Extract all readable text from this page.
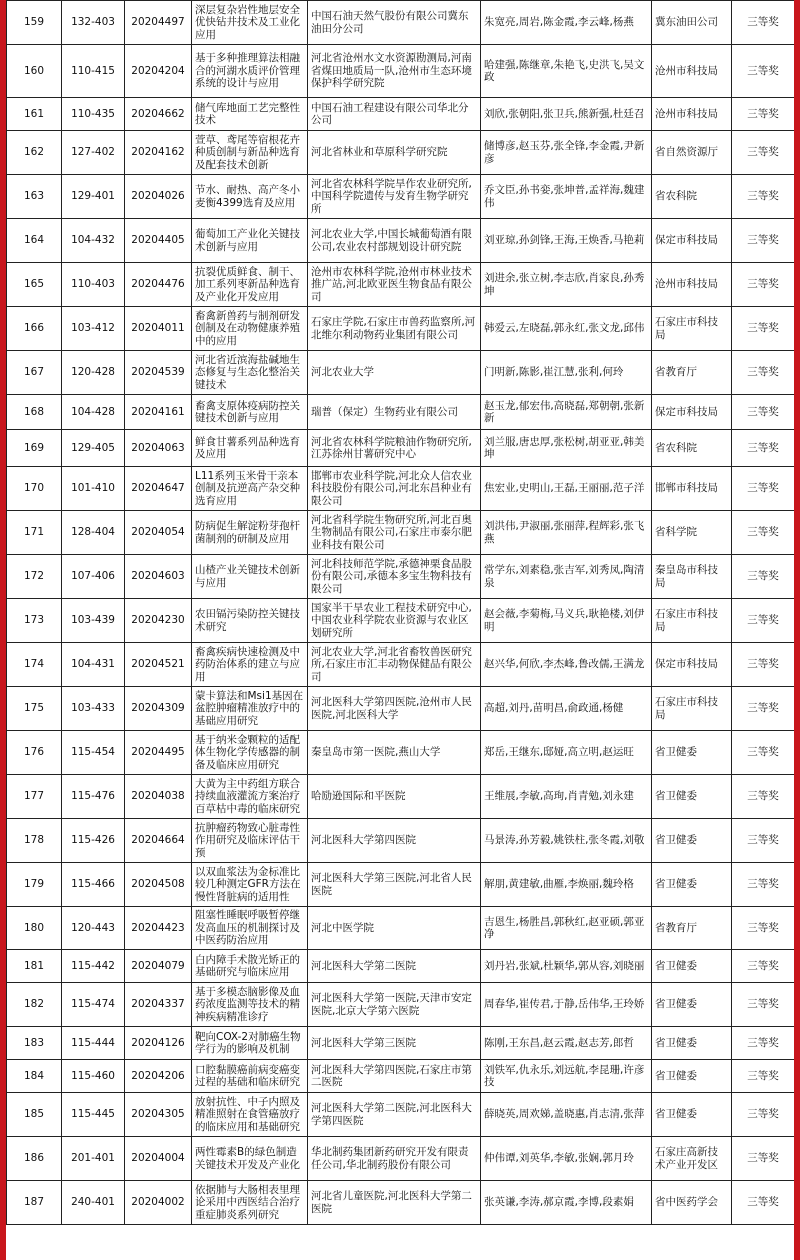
159	132-403	20204497	深层复杂岩性地层安全优快钻井技术及工业化应用	中国石油天然气股份有限公司冀东油田分公司	朱宽亮,周岩,陈金霞,李云峰,杨燕	冀东油田公司	三等奖
160	110-415	20204204	基于多种推理算法相融合的河湖水质评价管理系统的设计与应用	河北省沧州水文水资源勘测局,河南省煤田地质局一队,沧州市生态环境保护科学研究院	哈建强,陈继章,朱艳飞,史洪飞,吴文政	沧州市科技局	三等奖
161	110-435	20204662	储气库地面工艺完整性技术	中国石油工程建设有限公司华北分公司	刘欣,张朝阳,张卫兵,熊新强,杜廷召	沧州市科技局	三等奖
162	127-402	20204162	萱草、鸢尾等宿根花卉种质创制与新品种选育及配套技术创新	河北省林业和草原科学研究院	储博彦,赵玉芬,张全锋,李金霞,尹新彦	省自然资源厅	三等奖
163	129-401	20204026	节水、耐热、高产冬小麦衡4399选育及应用	河北省农林科学院旱作农业研究所,中国科学院遗传与发育生物学研究所	乔文臣,孙书娈,张坤普,孟祥海,魏建伟	省农科院	三等奖
164	104-432	20204405	葡萄加工产业化关键技术创新与应用	河北农业大学,中国长城葡萄酒有限公司,农业农村部规划设计研究院	刘亚琼,孙剑锋,王海,王焕香,马艳莉	保定市科技局	三等奖
165	110-403	20204476	抗裂优质鲜食、制干、加工系列枣新品种选育及产业化开发应用	沧州市农林科学院,沧州市林业技术推广站,河北欧亚医生物食品有限公司	刘进余,张立树,李志欣,肖家良,孙秀坤	沧州市科技局	三等奖
166	103-412	20204011	畜禽新兽药与制剂研发创制及在动物健康养殖中的应用	石家庄学院,石家庄市兽药监察所,河北维尔利动物药业集团有限公司	韩爱云,左晓磊,郭永红,张文龙,邱伟	石家庄市科技局	三等奖
167	120-428	20204539	河北省近滨海盐碱地生态修复与生态化整治关键技术	河北农业大学	门明新,陈影,崔江慧,张利,何玲	省教育厅	三等奖
168	104-428	20204161	畜禽支原体疫病防控关键技术创新与应用	瑞普（保定）生物药业有限公司	赵玉龙,郁宏伟,高晓磊,郑朝朝,张新新	保定市科技局	三等奖
169	129-405	20204063	鲜食甘薯系列品种选育及应用	河北省农林科学院粮油作物研究所,江苏徐州甘薯研究中心	刘兰服,唐忠厚,张松树,胡亚亚,韩美坤	省农科院	三等奖
170	101-410	20204647	L11系列玉米骨干亲本创制及抗逆高产杂交种选育应用	邯郸市农业科学院,河北众人信农业科技股份有限公司,河北东昌种业有限公司	焦宏业,史明山,王磊,王丽丽,范子洋	邯郸市科技局	三等奖
171	128-404	20204054	防病促生解淀粉芽孢杆菌制剂的研制及应用	河北省科学院生物研究所,河北百奥生物制品有限公司,石家庄市泰尔肥业科技有限公司	刘洪伟,尹淑丽,张丽萍,程辉彩,张飞燕	省科学院	三等奖
172	107-406	20204603	山楂产业关键技术创新与应用	河北科技师范学院,承德神栗食品股份有限公司,承德本多宝生物科技有限公司	常学东,刘素稳,张吉军,刘秀凤,陶清泉	秦皇岛市科技局	三等奖
173	103-439	20204230	农田镉污染防控关键技术研究	国家半干旱农业工程技术研究中心,中国农业科学院农业资源与农业区划研究所	赵会薇,李菊梅,马义兵,耿艳楼,刘伊明	石家庄市科技局	三等奖
174	104-431	20204521	畜禽疾病快速检测及中药防治体系的建立与应用	河北农业大学,河北省畜牧兽医研究所,石家庄市汇丰动物保健品有限公司	赵兴华,何欣,李杰峰,鲁改儒,王满龙	保定市科技局	三等奖
175	103-433	20204309	蒙卡算法和Msi1基因在盆腔肿瘤精准放疗中的基础应用研究	河北医科大学第四医院,沧州市人民医院,河北医科大学	高超,刘丹,苗明昌,俞政通,杨健	石家庄市科技局	三等奖
176	115-454	20204495	基于纳米金颗粒的适配体生物化学传感器的制备及临床应用研究	秦皇岛市第一医院,燕山大学	郑岳,王继东,邸娅,高立明,赵运旺	省卫健委	三等奖
177	115-476	20204038	大黄为主中药组方联合持续血液灌流方案治疗百草枯中毒的临床研究	哈励逊国际和平医院	王维展,李敏,高珣,肖青勉,刘永建	省卫健委	三等奖
178	115-426	20204664	抗肿瘤药物致心脏毒性作用研究及临床评估干预	河北医科大学第四医院	马景涛,孙芳毅,姚铁柱,张冬霞,刘敬	省卫健委	三等奖
179	115-466	20204508	以双血浆法为金标准比较几种测定GFR方法在慢性肾脏病的适用性	河北医科大学第三医院,河北省人民医院	解朋,黄建敏,曲雁,李焕丽,魏玲格	省卫健委	三等奖
180	120-443	20204423	阻塞性睡眠呼吸暂停继发高血压的机制探讨及中医药防治应用	河北中医学院	吉恩生,杨胜昌,郭秋红,赵亚硕,郭亚净	省教育厅	三等奖
181	115-442	20204079	白内障手术散光矫正的基础研究与临床应用	河北医科大学第二医院	刘丹岩,张斌,杜颖华,郭从容,刘晓丽	省卫健委	三等奖
182	115-474	20204337	基于多模态脑影像及血药浓度监测等技术的精神疾病精准诊疗	河北医科大学第一医院,天津市安定医院,北京大学第六医院	周春华,崔传君,于静,岳伟华,王玲娇	省卫健委	三等奖
183	115-444	20204126	靶向COX-2对肺癌生物学行为的影响及机制	河北医科大学第三医院	陈刚,王东昌,赵云霞,赵志芳,郎哲	省卫健委	三等奖
184	115-460	20204206	口腔黏膜癌前病变癌变过程的基础和临床研究	河北医科大学第四医院,石家庄市第二医院	刘铁军,仇永乐,刘远航,李昆珊,许彦技	省卫健委	三等奖
185	115-445	20204305	放射抗性、中子内照及精准照射在食管癌放疗的临床应用和基础研究	河北医科大学第二医院,河北医科大学第四医院	薛晓英,周欢娣,盖晓惠,肖志清,张萍	省卫健委	三等奖
186	201-401	20204004	两性霉素B的绿色制造关键技术开发及产业化	华北制药集团新药研究开发有限责任公司,华北制药股份有限公司	仲伟谭,刘英华,李敏,张娴,郭月玲	石家庄高新技术产业开发区	三等奖
187	240-401	20204002	依据肺与大肠相表里理论采用中西医结合治疗重症肺炎系列研究	河北省儿童医院,河北医科大学第二医院	张英谦,李涛,郝京霞,李博,段素娟	省中医药学会	三等奖
